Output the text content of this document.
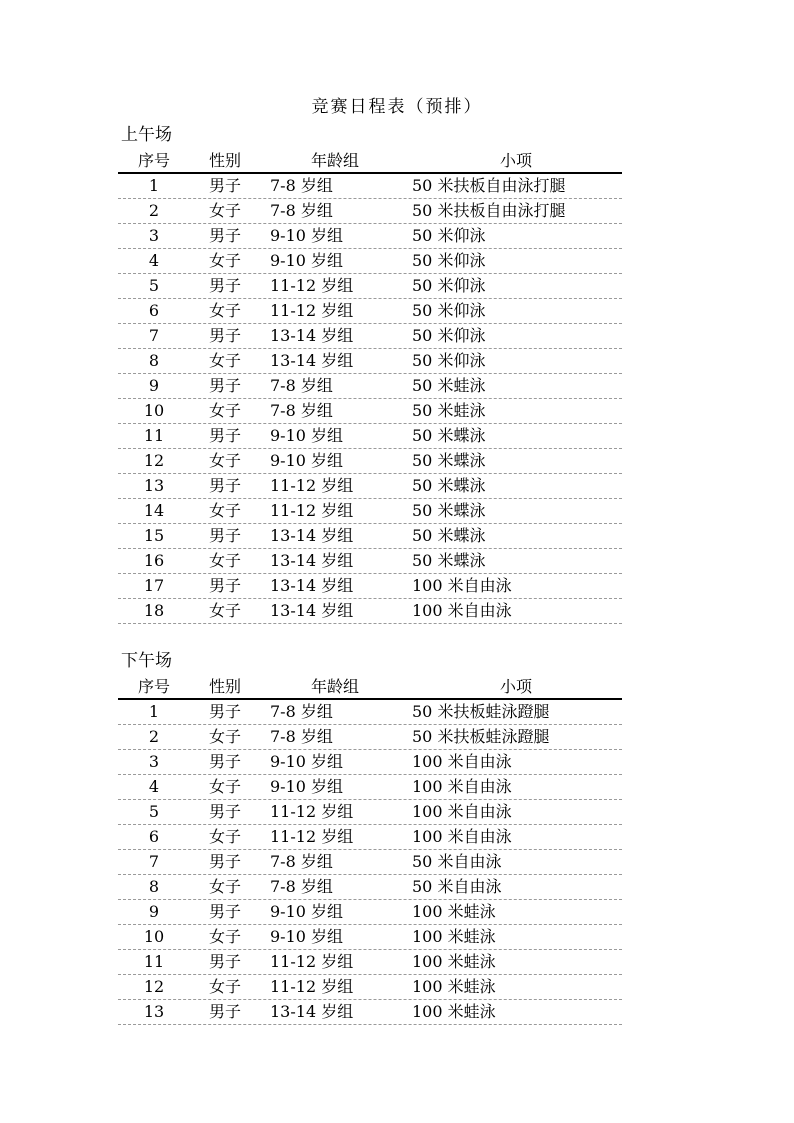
竞赛日程表（预排）
上午场
序号	性别	年龄组	小项
1	男子	7-8 岁组	50 米扶板自由泳打腿
2	女子	7-8 岁组	50 米扶板自由泳打腿
3	男子	9-10 岁组	50 米仰泳
4	女子	9-10 岁组	50 米仰泳
5	男子	11-12 岁组	50 米仰泳
6	女子	11-12 岁组	50 米仰泳
7	男子	13-14 岁组	50 米仰泳
8	女子	13-14 岁组	50 米仰泳
9	男子	7-8 岁组	50 米蛙泳
10	女子	7-8 岁组	50 米蛙泳
11	男子	9-10 岁组	50 米蝶泳
12	女子	9-10 岁组	50 米蝶泳
13	男子	11-12 岁组	50 米蝶泳
14	女子	11-12 岁组	50 米蝶泳
15	男子	13-14 岁组	50 米蝶泳
16	女子	13-14 岁组	50 米蝶泳
17	男子	13-14 岁组	100 米自由泳
18	女子	13-14 岁组	100 米自由泳
下午场
序号	性别	年龄组	小项
1	男子	7-8 岁组	50 米扶板蛙泳蹬腿
2	女子	7-8 岁组	50 米扶板蛙泳蹬腿
3	男子	9-10 岁组	100 米自由泳
4	女子	9-10 岁组	100 米自由泳
5	男子	11-12 岁组	100 米自由泳
6	女子	11-12 岁组	100 米自由泳
7	男子	7-8 岁组	50 米自由泳
8	女子	7-8 岁组	50 米自由泳
9	男子	9-10 岁组	100 米蛙泳
10	女子	9-10 岁组	100 米蛙泳
11	男子	11-12 岁组	100 米蛙泳
12	女子	11-12 岁组	100 米蛙泳
13	男子	13-14 岁组	100 米蛙泳
